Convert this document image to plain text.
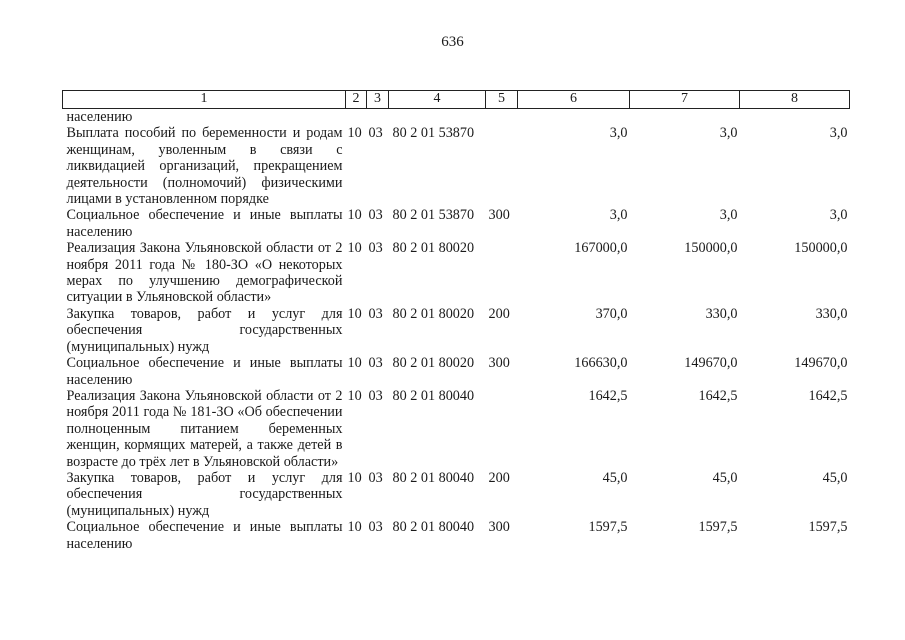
636
1	2	3	4	5	6	7	8
населению							
Выплата пособий по беременности и родам женщинам, уволенным в связи с ликвидацией организаций, прекращением деятельности (полномочий) физическими лицами в установленном порядке	10	03	80 2 01 53870		3,0	3,0	3,0
Социальное обеспечение и иные выплаты населению	10	03	80 2 01 53870	300	3,0	3,0	3,0
Реализация Закона Ульяновской области от 2 ноября 2011 года № 180-ЗО «О некоторых мерах по улучшению демографической ситуации в Ульяновской области»	10	03	80 2 01 80020		167000,0	150000,0	150000,0
Закупка товаров, работ и услуг для обеспечения государственных (муниципальных) нужд	10	03	80 2 01 80020	200	370,0	330,0	330,0
Социальное обеспечение и иные выплаты населению	10	03	80 2 01 80020	300	166630,0	149670,0	149670,0
Реализация Закона Ульяновской области от 2 ноября 2011 года № 181-ЗО «Об обеспечении полноценным питанием беременных женщин, кормящих матерей, а также детей в возрасте до трёх лет в Ульяновской области»	10	03	80 2 01 80040		1642,5	1642,5	1642,5
Закупка товаров, работ и услуг для обеспечения государственных (муниципальных) нужд	10	03	80 2 01 80040	200	45,0	45,0	45,0
Социальное обеспечение и иные выплаты населению	10	03	80 2 01 80040	300	1597,5	1597,5	1597,5
